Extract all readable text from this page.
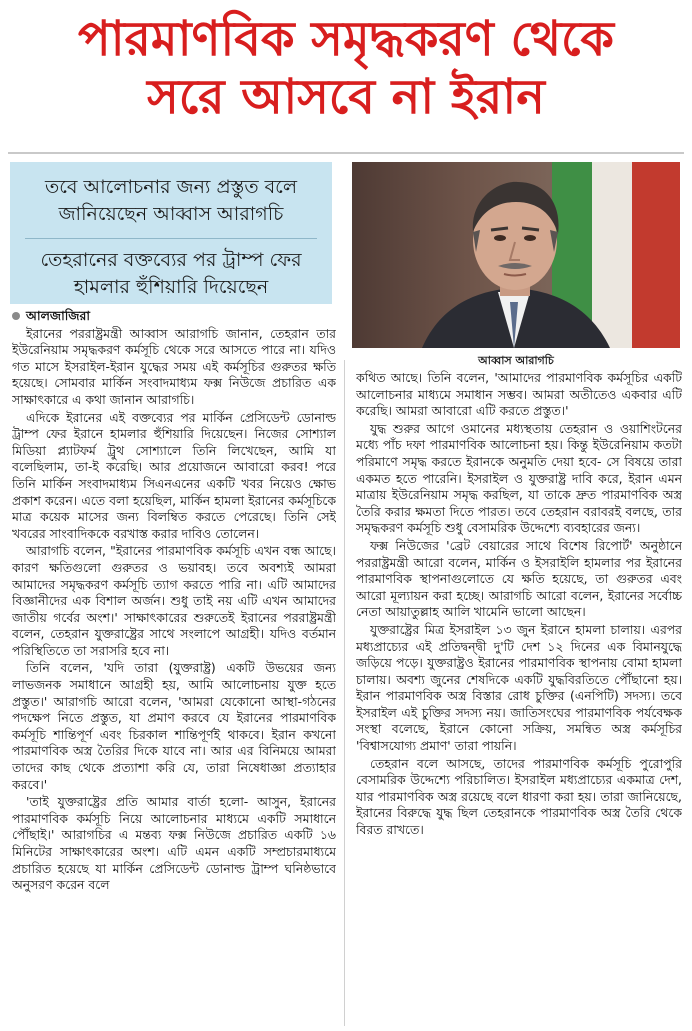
পারমাণবিক সমৃদ্ধকরণ থেকে
সরে আসবে না ইরান
তবে আলোচনার জন্য প্রস্তুত বলে জানিয়েছেন আব্বাস আরাগচি
তেহরানের বক্তব্যের পর ট্রাম্প ফের হামলার হুঁশিয়ারি দিয়েছেন
আব্বাস আরাগচি
আলজাজিরা

ইরানের পররাষ্ট্রমন্ত্রী আব্বাস আরাগচি জানান, তেহরান তার ইউরেনিয়াম সমৃদ্ধকরণ কর্মসূচি থেকে সরে আসতে পারে না। যদিও গত মাসে ইসরাইল-ইরান যুদ্ধের সময় এই কর্মসূচির গুরুতর ক্ষতি হয়েছে। সোমবার মার্কিন সংবাদমাধ্যম ফক্স নিউজে প্রচারিত এক সাক্ষাৎকারে এ কথা জানান আরাগচি।

এদিকে ইরানের এই বক্তব্যের পর মার্কিন প্রেসিডেন্ট ডোনাল্ড ট্রাম্প ফের ইরানে হামলার হুঁশিয়ারি দিয়েছেন। নিজের সোশ্যাল মিডিয়া প্ল্যাটফর্ম ট্রুথ সোশ্যালে তিনি লিখেছেন, আমি যা বলেছিলাম, তা-ই করেছি। আর প্রয়োজনে আবারো করব! পরে তিনি মার্কিন সংবাদমাধ্যম সিএনএনের একটি খবর নিয়েও ক্ষোভ প্রকাশ করেন। এতে বলা হয়েছিল, মার্কিন হামলা ইরানের কর্মসূচিকে মাত্র কয়েক মাসের জন্য বিলম্বিত করতে পেরেছে। তিনি সেই খবরের সাংবাদিককে বরখাস্ত করার দাবিও তোলেন।

আরাগচি বলেন, "ইরানের পারমাণবিক কর্মসূচি এখন বন্ধ আছে। কারণ ক্ষতিগুলো গুরুতর ও ভয়াবহ। তবে অবশ্যই আমরা আমাদের সমৃদ্ধকরণ কর্মসূচি ত্যাগ করতে পারি না। এটি আমাদের বিজ্ঞানীদের এক বিশাল অর্জন। শুধু তাই নয় এটি এখন আমাদের জাতীয় গর্বের অংশ।' সাক্ষাৎকারের শুরুতেই ইরানের পররাষ্ট্রমন্ত্রী বলেন, তেহরান যুক্তরাষ্ট্রের সাথে সংলাপে আগ্রহী। যদিও বর্তমান পরিস্থিতিতে তা সরাসরি হবে না।

তিনি বলেন, 'যদি তারা (যুক্তরাষ্ট্র) একটি উভয়ের জন্য লাভজনক সমাধানে আগ্রহী হয়, আমি আলোচনায় যুক্ত হতে প্রস্তুত।' আরাগচি আরো বলেন, 'আমরা যেকোনো আস্থা-গঠনের পদক্ষেপ নিতে প্রস্তুত, যা প্রমাণ করবে যে ইরানের পারমাণবিক কর্মসূচি শান্তিপূর্ণ এবং চিরকাল শান্তিপূর্ণই থাকবে। ইরান কখনো পারমাণবিক অস্ত্র তৈরির দিকে যাবে না। আর এর বিনিময়ে আমরা তাদের কাছ থেকে প্রত্যাশা করি যে, তারা নিষেধাজ্ঞা প্রত্যাহার করবে।'

'তাই যুক্তরাষ্ট্রের প্রতি আমার বার্তা হলো- আসুন, ইরানের পারমাণবিক কর্মসূচি নিয়ে আলোচনার মাধ্যমে একটি সমাধানে পৌঁছাই।' আরাগচির এ মন্তব্য ফক্স নিউজে প্রচারিত একটি ১৬ মিনিটের সাক্ষাৎকারের অংশ। এটি এমন একটি সম্প্রচারমাধ্যমে প্রচারিত হয়েছে যা মার্কিন প্রেসিডেন্ট ডোনাল্ড ট্রাম্প ঘনিষ্ঠভাবে অনুসরণ করেন বলে

কথিত আছে। তিনি বলেন, 'আমাদের পারমাণবিক কর্মসূচির একটি আলোচনার মাধ্যমে সমাধান সম্ভব। আমরা অতীতেও একবার এটি করেছি। আমরা আবারো এটি করতে প্রস্তুত।'

যুদ্ধ শুরুর আগে ওমানের মধ্যস্থতায় তেহরান ও ওয়াশিংটনের মধ্যে পাঁচ দফা পারমাণবিক আলোচনা হয়। কিন্তু ইউরেনিয়াম কতটা পরিমাণে সমৃদ্ধ করতে ইরানকে অনুমতি দেয়া হবে- সে বিষয়ে তারা একমত হতে পারেনি। ইসরাইল ও যুক্তরাষ্ট্র দাবি করে, ইরান এমন মাত্রায় ইউরেনিয়াম সমৃদ্ধ করছিল, যা তাকে দ্রুত পারমাণবিক অস্ত্র তৈরি করার ক্ষমতা দিতে পারত। তবে তেহরান বরাবরই বলছে, তার সমৃদ্ধকরণ কর্মসূচি শুধু বেসামরিক উদ্দেশ্যে ব্যবহারের জন্য।

ফক্স নিউজের 'ব্রেট বেয়ারের সাথে বিশেষ রিপোর্ট' অনুষ্ঠানে পররাষ্ট্রমন্ত্রী আরো বলেন, মার্কিন ও ইসরাইলি হামলার পর ইরানের পারমাণবিক স্থাপনাগুলোতে যে ক্ষতি হয়েছে, তা গুরুতর এবং আরো মূল্যায়ন করা হচ্ছে। আরাগচি আরো বলেন, ইরানের সর্বোচ্চ নেতা আয়াতুল্লাহ আলি খামেনি ভালো আছেন।

যুক্তরাষ্ট্রের মিত্র ইসরাইল ১৩ জুন ইরানে হামলা চালায়। এরপর মধ্যপ্রাচ্যের এই প্রতিদ্বন্দ্বী দু'টি দেশ ১২ দিনের এক বিমানযুদ্ধে জড়িয়ে পড়ে। যুক্তরাষ্ট্রও ইরানের পারমাণবিক স্থাপনায় বোমা হামলা চালায়। অবশ্য জুনের শেষদিকে একটি যুদ্ধবিরতিতে পৌঁছানো হয়। ইরান পারমাণবিক অস্ত্র বিস্তার রোধ চুক্তির (এনপিটি) সদস্য। তবে ইসরাইল এই চুক্তির সদস্য নয়। জাতিসংঘের পারমাণবিক পর্যবেক্ষক সংস্থা বলেছে, ইরানে কোনো সক্রিয়, সমন্বিত অস্ত্র কর্মসূচির 'বিশ্বাসযোগ্য প্রমাণ' তারা পায়নি।

তেহরান বলে আসছে, তাদের পারমাণবিক কর্মসূচি পুরোপুরি বেসামরিক উদ্দেশ্যে পরিচালিত। ইসরাইল মধ্যপ্রাচ্যের একমাত্র দেশ, যার পারমাণবিক অস্ত্র রয়েছে বলে ধারণা করা হয়। তারা জানিয়েছে, ইরানের বিরুদ্ধে যুদ্ধ ছিল তেহরানকে পারমাণবিক অস্ত্র তৈরি থেকে বিরত রাখতে।
